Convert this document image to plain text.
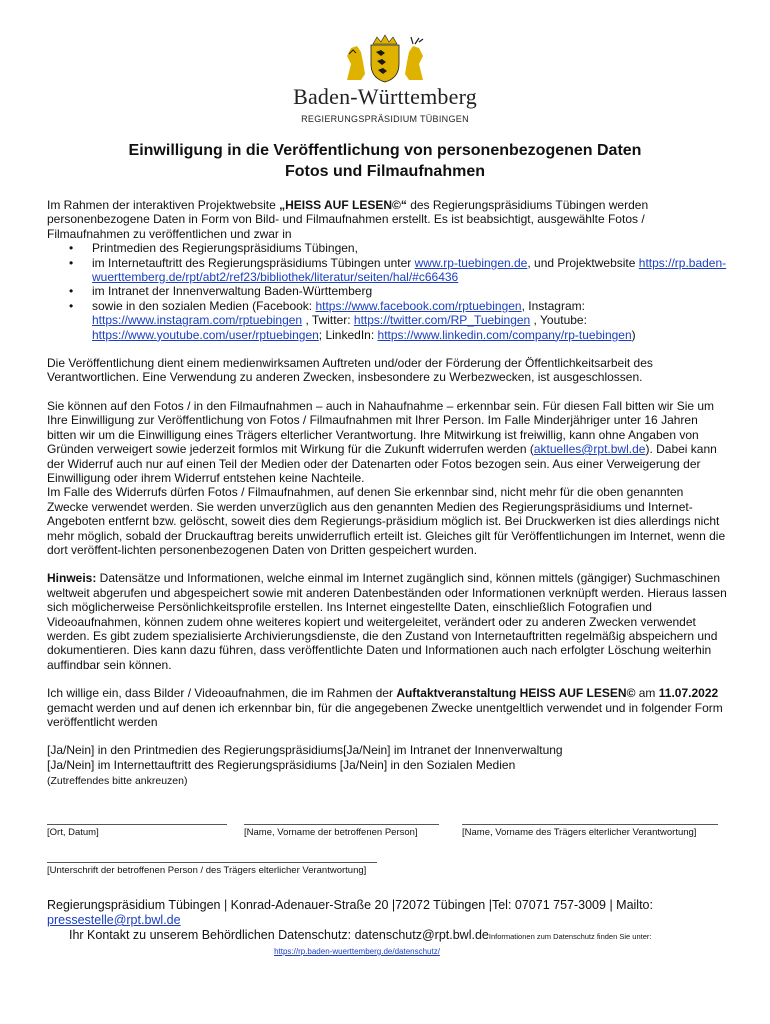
Baden-Württemberg
REGIERUNGSPRÄSIDIUM TÜBINGEN
Einwilligung in die Veröffentlichung von personenbezogenen Daten
Fotos und Filmaufnahmen

Im Rahmen der interaktiven Projektwebsite „HEISS AUF LESEN©“ des Regierungspräsidiums Tübingen werden personenbezogene Daten in Form von Bild- und Filmaufnahmen erstellt. Es ist beabsichtigt, ausgewählte Fotos / Filmaufnahmen zu veröffentlichen und zwar in

• Printmedien des Regierungspräsidiums Tübingen,
• im Internetauftritt des Regierungspräsidiums Tübingen unter www.rp-tuebingen.de, und Projektwebsite https://rp.baden-wuerttemberg.de/rpt/abt2/ref23/bibliothek/literatur/seiten/hal/#c66436
• im Intranet der Innenverwaltung Baden-Württemberg
• sowie in den sozialen Medien (Facebook: https://www.facebook.com/rptuebingen, Instagram: https://www.instagram.com/rptuebingen , Twitter: https://twitter.com/RP_Tuebingen , Youtube: https://www.youtube.com/user/rptuebingen; LinkedIn: https://www.linkedin.com/company/rp-tuebingen)

Die Veröffentlichung dient einem medienwirksamen Auftreten und/oder der Förderung der Öffentlichkeitsarbeit des Verantwortlichen. Eine Verwendung zu anderen Zwecken, insbesondere zu Werbezwecken, ist ausgeschlossen.

Sie können auf den Fotos / in den Filmaufnahmen – auch in Nahaufnahme – erkennbar sein. Für diesen Fall bitten wir Sie um Ihre Einwilligung zur Veröffentlichung von Fotos / Filmaufnahmen mit Ihrer Person. Im Falle Minderjähriger unter 16 Jahren bitten wir um die Einwilligung eines Trägers elterlicher Verantwortung. Ihre Mitwirkung ist freiwillig, kann ohne Angaben von Gründen verweigert sowie jederzeit formlos mit Wirkung für die Zukunft widerrufen werden (aktuelles@rpt.bwl.de). Dabei kann der Widerruf auch nur auf einen Teil der Medien oder der Datenarten oder Fotos bezogen sein. Aus einer Verweigerung der Einwilligung oder ihrem Widerruf entstehen keine Nachteile.

Im Falle des Widerrufs dürfen Fotos / Filmaufnahmen, auf denen Sie erkennbar sind, nicht mehr für die oben genannten Zwecke verwendet werden. Sie werden unverzüglich aus den genannten Medien des Regierungspräsidiums und Internet-Angeboten entfernt bzw. gelöscht, soweit dies dem Regierungs-präsidium möglich ist. Bei Druckwerken ist dies allerdings nicht mehr möglich, sobald der Druckauftrag bereits unwiderruflich erteilt ist. Gleiches gilt für Veröffentlichungen im Internet, wenn die dort veröffent-lichten personenbezogenen Daten von Dritten gespeichert wurden.

Hinweis: Datensätze und Informationen, welche einmal im Internet zugänglich sind, können mittels (gängiger) Suchmaschinen weltweit abgerufen und abgespeichert sowie mit anderen Datenbeständen oder Informationen verknüpft werden. Hieraus lassen sich möglicherweise Persönlichkeitsprofile erstellen. Ins Internet eingestellte Daten, einschließlich Fotografien und Videoaufnahmen, können zudem ohne weiteres kopiert und weitergeleitet, verändert oder zu anderen Zwecken verwendet werden. Es gibt zudem spezialisierte Archivierungsdienste, die den Zustand von Internetauftritten regelmäßig abspeichern und dokumentieren. Dies kann dazu führen, dass veröffentlichte Daten und Informationen auch nach erfolgter Löschung weiterhin auffindbar sein können.

Ich willige ein, dass Bilder / Videoaufnahmen, die im Rahmen der Auftaktveranstaltung HEISS AUF LESEN© am 11.07.2022 gemacht werden und auf denen ich erkennbar bin, für die angegebenen Zwecke unentgeltlich verwendet und in folgender Form veröffentlicht werden

[Ja/Nein] in den Printmedien des Regierungspräsidiums[Ja/Nein] im Intranet der Innenverwaltung

[Ja/Nein] im Internettauftritt des Regierungspräsidiums [Ja/Nein] in den Sozialen Medien

(Zutreffendes bitte ankreuzen)

[Ort, Datum]	[Name, Vorname der betroffenen Person]	[Name, Vorname des Trägers elterlicher Verantwortung]
[Unterschrift der betroffenen Person / des Trägers elterlicher Verantwortung]
Regierungspräsidium Tübingen | Konrad-Adenauer-Straße 20 |72072 Tübingen |Tel: 07071 757-3009 | Mailto: pressestelle@rpt.bwl.de
Ihr Kontakt zu unserem Behördlichen Datenschutz: datenschutz@rpt.bwl.deInformationen zum Datenschutz finden Sie unter:
https://rp.baden-wuerttemberg.de/datenschutz/
